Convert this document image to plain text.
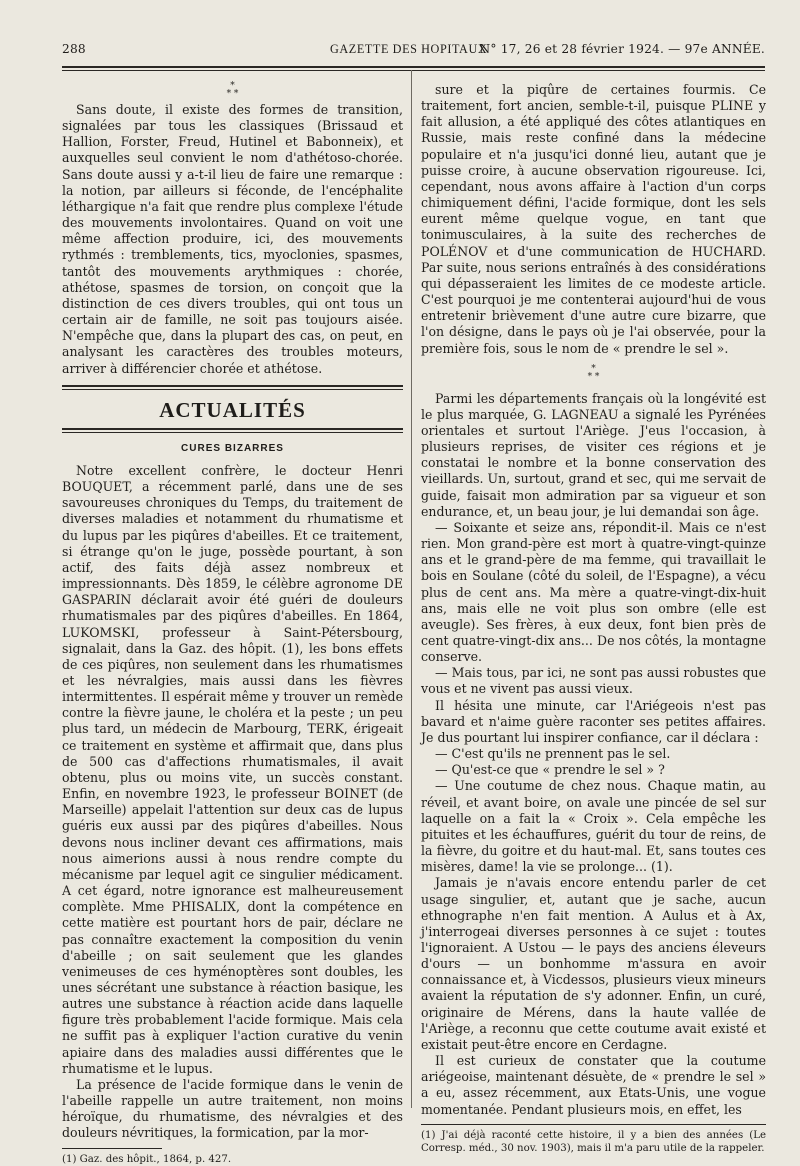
288	GAZETTE DES HOPITAUX
N° 17, 26 et 28 février 1924. — 97e ANNÉE.
*
* *

Sans doute, il existe des formes de transition, signalées par tous les classiques (Brissaud et Hallion, Forster, Freud, Hutinel et Babonneix), et auxquelles seul convient le nom d'athétoso-chorée. Sans doute aussi y a-t-il lieu de faire une remarque : la notion, par ailleurs si féconde, de l'encéphalite léthargique n'a fait que rendre plus complexe l'étude des mouvements involontaires. Quand on voit une même affection produire, ici, des mouvements rythmés : tremblements, tics, myoclonies, spasmes, tantôt des mouvements arythmiques : chorée, athétose, spasmes de torsion, on conçoit que la distinction de ces divers troubles, qui ont tous un certain air de famille, ne soit pas toujours aisée. N'empêche que, dans la plupart des cas, on peut, en analysant les caractères des troubles moteurs, arriver à différencier chorée et athétose.

ACTUALITÉS
CURES BIZARRES

Notre excellent confrère, le docteur Henri BOUQUET, a récemment parlé, dans une de ses savoureuses chroniques du Temps, du traitement de diverses maladies et notamment du rhumatisme et du lupus par les piqûres d'abeilles. Et ce traitement, si étrange qu'on le juge, possède pourtant, à son actif, des faits déjà assez nombreux et impressionnants. Dès 1859, le célèbre agronome DE GASPARIN déclarait avoir été guéri de douleurs rhumatismales par des piqûres d'abeilles. En 1864, LUKOMSKI, professeur à Saint-Pétersbourg, signalait, dans la Gaz. des hôpit. (1), les bons effets de ces piqûres, non seulement dans les rhumatismes et les névralgies, mais aussi dans les fièvres intermittentes. Il espérait même y trouver un remède contre la fièvre jaune, le choléra et la peste ; un peu plus tard, un médecin de Marbourg, TERK, érigeait ce traitement en système et affirmait que, dans plus de 500 cas d'affections rhumatismales, il avait obtenu, plus ou moins vite, un succès constant. Enfin, en novembre 1923, le professeur BOINET (de Marseille) appelait l'attention sur deux cas de lupus guéris eux aussi par des piqûres d'abeilles. Nous devons nous incliner devant ces affirmations, mais nous aimerions aussi à nous rendre compte du mécanisme par lequel agit ce singulier médicament. A cet égard, notre ignorance est malheureusement complète. Mme PHISALIX, dont la compétence en cette matière est pourtant hors de pair, déclare ne pas connaître exactement la composition du venin d'abeille ; on sait seulement que les glandes venimeuses de ces hyménoptères sont doubles, les unes sécrétant une substance à réaction basique, les autres une substance à réaction acide dans laquelle figure très probablement l'acide formique. Mais cela ne suffit pas à expliquer l'action curative du venin apiaire dans des maladies aussi différentes que le rhumatisme et le lupus.

La présence de l'acide formique dans le venin de l'abeille rappelle un autre traitement, non moins héroïque, du rhumatisme, des névralgies et des douleurs névritiques, la formication, par la mor-

(1) Gaz. des hôpit., 1864, p. 427.

sure et la piqûre de certaines fourmis. Ce traitement, fort ancien, semble-t-il, puisque PLINE y fait allusion, a été appliqué des côtes atlantiques en Russie, mais reste confiné dans la médecine populaire et n'a jusqu'ici donné lieu, autant que je puisse croire, à aucune observation rigoureuse. Ici, cependant, nous avons affaire à l'action d'un corps chimiquement défini, l'acide formique, dont les sels eurent même quelque vogue, en tant que tonimusculaires, à la suite des recherches de POLÉNOV et d'une communication de HUCHARD. Par suite, nous serions entraînés à des considérations qui dépasseraient les limites de ce modeste article. C'est pourquoi je me contenterai aujourd'hui de vous entretenir brièvement d'une autre cure bizarre, que l'on désigne, dans le pays où je l'ai observée, pour la première fois, sous le nom de « prendre le sel ».

*
* *

Parmi les départements français où la longévité est le plus marquée, G. LAGNEAU a signalé les Pyrénées orientales et surtout l'Ariège. J'eus l'occasion, à plusieurs reprises, de visiter ces régions et je constatai le nombre et la bonne conservation des vieillards. Un, surtout, grand et sec, qui me servait de guide, faisait mon admiration par sa vigueur et son endurance, et, un beau jour, je lui demandai son âge.

— Soixante et seize ans, répondit-il. Mais ce n'est rien. Mon grand-père est mort à quatre-vingt-quinze ans et le grand-père de ma femme, qui travaillait le bois en Soulane (côté du soleil, de l'Espagne), a vécu plus de cent ans. Ma mère a quatre-vingt-dix-huit ans, mais elle ne voit plus son ombre (elle est aveugle). Ses frères, à eux deux, font bien près de cent quatre-vingt-dix ans... De nos côtés, la montagne conserve.

— Mais tous, par ici, ne sont pas aussi robustes que vous et ne vivent pas aussi vieux.

Il hésita une minute, car l'Ariégeois n'est pas bavard et n'aime guère raconter ses petites affaires. Je dus pourtant lui inspirer confiance, car il déclara :

— C'est qu'ils ne prennent pas le sel.

— Qu'est-ce que « prendre le sel » ?

— Une coutume de chez nous. Chaque matin, au réveil, et avant boire, on avale une pincée de sel sur laquelle on a fait la « Croix ». Cela empêche les pituites et les échauffures, guérit du tour de reins, de la fièvre, du goitre et du haut-mal. Et, sans toutes ces misères, dame! la vie se prolonge... (1).

Jamais je n'avais encore entendu parler de cet usage singulier, et, autant que je sache, aucun ethnographe n'en fait mention. A Aulus et à Ax, j'interrogeai diverses personnes à ce sujet : toutes l'ignoraient. A Ustou — le pays des anciens éleveurs d'ours — un bonhomme m'assura en avoir connaissance et, à Vicdessos, plusieurs vieux mineurs avaient la réputation de s'y adonner. Enfin, un curé, originaire de Mérens, dans la haute vallée de l'Ariège, a reconnu que cette coutume avait existé et existait peut-être encore en Cerdagne.

Il est curieux de constater que la coutume ariégeoise, maintenant désuète, de « prendre le sel » a eu, assez récemment, aux Etats-Unis, une vogue momentanée. Pendant plusieurs mois, en effet, les

(1) J'ai déjà raconté cette histoire, il y a bien des années (Le Corresp. méd., 30 nov. 1903), mais il m'a paru utile de la rappeler.
